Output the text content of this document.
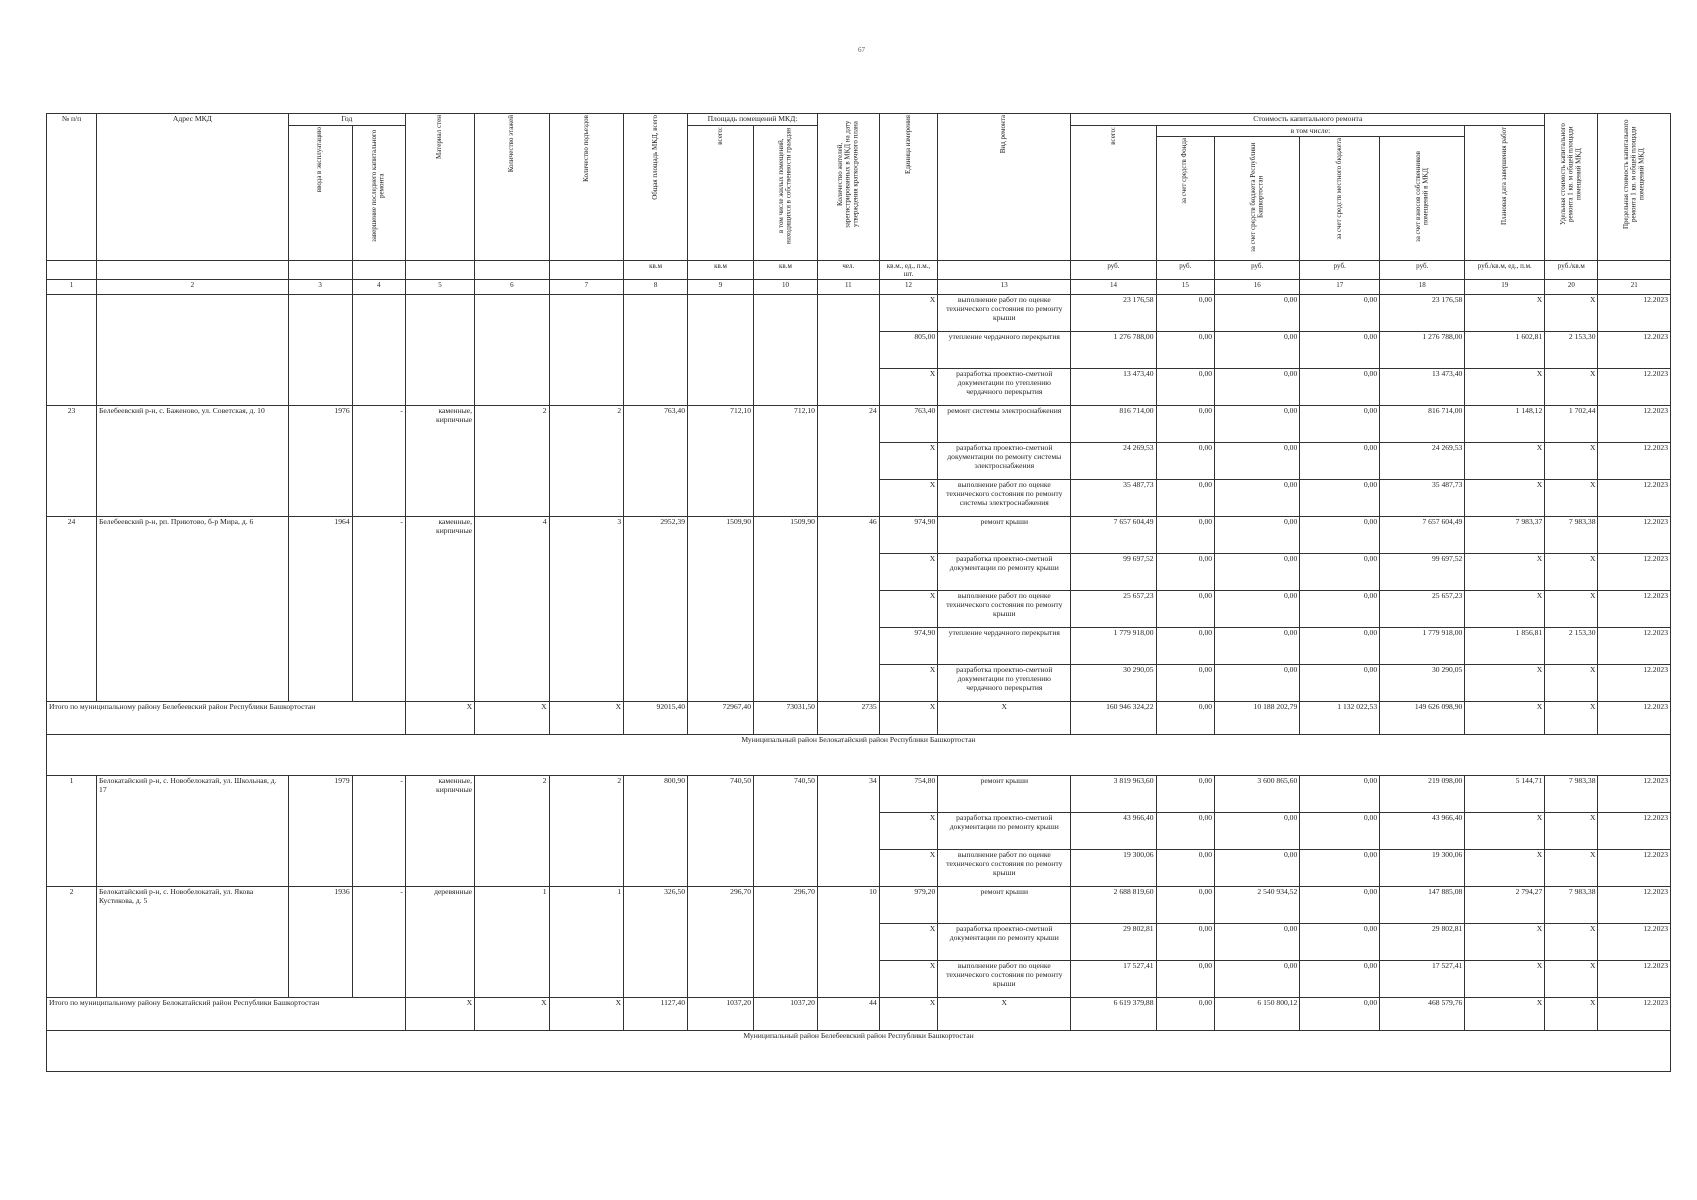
67
№ п/п	Адрес МКД	Год		Материал стен	Количество этажей	Количество подъездов	Общая площадь МКД, всего	Площадь помещений МКД:		Количество жителей, зарегистрированных в МКД на дату утверждения краткосрочного плана	Единица измерения	Вид ремонта	Стоимость капитального ремонта						Удельная стоимость капитального ремонта 1 кв. м общей площади помещений МКД	Предельная стоимость капитального ремонта 1 кв. м общей площади помещений МКД
		ввода в эксплуатацию	завершение последнего капитального ремонта					всего:	в том числе жилых помещений, находящихся в собственности граждан				всего:	в том числе:				Плановая дата завершения работ		
														за счет средств Фонда	за счет средств бюджета Республики Башкортостан	за счет средств местного бюджета	за счет взносов собственников помещений в МКД			
							кв.м	кв.м	кв.м	чел.	кв.м., ед., п.м., шт.		руб.	руб.	руб.	руб.	руб.	руб./кв.м, ед., п.м.	руб./кв.м	
1	2	3	4	5	6	7	8	9	10	11	12	13	14	15	16	17	18	19	20	21
											X	выполнение работ по оценке технического состояния по ремонту крыши	23 176,58	0,00	0,00	0,00	23 176,58	X	X	12.2023
											805,00	утепление чердачного перекрытия	1 276 788,00	0,00	0,00	0,00	1 276 788,00	1 602,81	2 153,30	12.2023
											X	разработка проектно-сметной документации по утеплению чердачного перекрытия	13 473,40	0,00	0,00	0,00	13 473,40	X	X	12.2023
23	Белебеевский р-н, с. Баженово, ул. Советская, д. 10	1976	-	каменные, кирпичные	2	2	763,40	712,10	712,10	24	763,40	ремонт системы электроснабжения	816 714,00	0,00	0,00	0,00	816 714,00	1 148,12	1 702,44	12.2023
											X	разработка проектно-сметной документации по ремонту системы электроснабжения	24 269,53	0,00	0,00	0,00	24 269,53	X	X	12.2023
											X	выполнение работ по оценке технического состояния по ремонту системы электроснабжения	35 487,73	0,00	0,00	0,00	35 487,73	X	X	12.2023
24	Белебеевский р-н, рп. Приютово, б-р Мира, д. 6	1964	-	каменные, кирпичные	4	3	2952,39	1509,90	1509,90	46	974,90	ремонт крыши	7 657 604,49	0,00	0,00	0,00	7 657 604,49	7 983,37	7 983,38	12.2023
											X	разработка проектно-сметной документации по ремонту крыши	99 697,52	0,00	0,00	0,00	99 697,52	X	X	12.2023
											X	выполнение работ по оценке технического состояния по ремонту крыши	25 657,23	0,00	0,00	0,00	25 657,23	X	X	12.2023
											974,90	утепление чердачного перекрытия	1 779 918,00	0,00	0,00	0,00	1 779 918,00	1 856,81	2 153,30	12.2023
											X	разработка проектно-сметной документации по утеплению чердачного перекрытия	30 290,05	0,00	0,00	0,00	30 290,05	X	X	12.2023
Итого по муниципальному району Белебеевский район Республики Башкортостан				X	X	X	92015,40	72967,40	73031,50	2735	X	X	160 946 324,22	0,00	10 188 202,79	1 132 022,53	149 626 098,90	X	X	12.2023
Муниципальный район Белокатайский район Республики Башкортостан																				
1	Белокатайский р-н, с. Новобелокатай, ул. Школьная, д. 17	1979	-	каменные, кирпичные	2	2	800,90	740,50	740,50	34	754,80	ремонт крыши	3 819 963,60	0,00	3 600 865,60	0,00	219 098,00	5 144,71	7 983,38	12.2023
											X	разработка проектно-сметной документации по ремонту крыши	43 966,40	0,00	0,00	0,00	43 966,40	X	X	12.2023
											X	выполнение работ по оценке технического состояния по ремонту крыши	19 300,06	0,00	0,00	0,00	19 300,06	X	X	12.2023
2	Белокатайский р-н, с. Новобелокатай, ул. Якова Кустикова, д. 5	1936	-	деревянные	1	1	326,50	296,70	296,70	10	979,20	ремонт крыши	2 688 819,60	0,00	2 540 934,52	0,00	147 885,08	2 794,27	7 983,38	12.2023
											X	разработка проектно-сметной документации по ремонту крыши	29 802,81	0,00	0,00	0,00	29 802,81	X	X	12.2023
											X	выполнение работ по оценке технического состояния по ремонту крыши	17 527,41	0,00	0,00	0,00	17 527,41	X	X	12.2023
Итого по муниципальному району Белокатайский район Республики Башкортостан				X	X	X	1127,40	1037,20	1037,20	44	X	X	6 619 379,88	0,00	6 150 800,12	0,00	468 579,76	X	X	12.2023
Муниципальный район Белебеевский район Республики Башкортостан																				
